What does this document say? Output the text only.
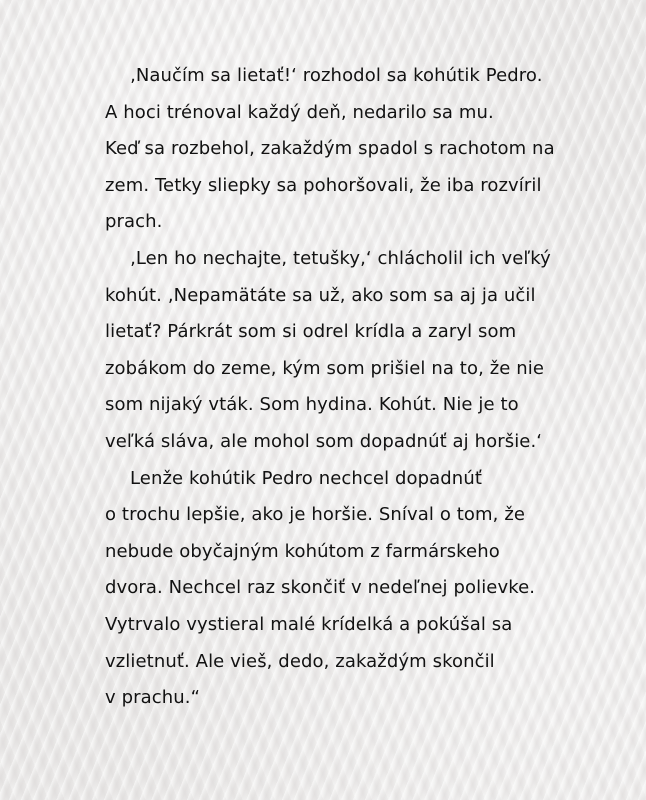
‚Naučím sa lietať!‘ rozhodol sa kohútik Pedro.
A hoci trénoval každý deň, nedarilo sa mu.
Keď sa rozbehol, zakaždým spadol s rachotom na
zem. Tetky sliepky sa pohoršovali, že iba rozvíril
prach.
‚Len ho nechajte, tetušky,‘ chlácholil ich veľký
kohút. ‚Nepamätáte sa už, ako som sa aj ja učil
lietať? Párkrát som si odrel krídla a zaryl som
zobákom do zeme, kým som prišiel na to, že nie
som nijaký vták. Som hydina. Kohút. Nie je to
veľká sláva, ale mohol som dopadnúť aj horšie.‘
Lenže kohútik Pedro nechcel dopadnúť
o trochu lepšie, ako je horšie. Sníval o tom, že
nebude obyčajným kohútom z farmárskeho
dvora. Nechcel raz skončiť v nedeľnej polievke.
Vytrvalo vystieral malé krídelká a pokúšal sa
vzlietnuť. Ale vieš, dedo, zakaždým skončil
v prachu.“
